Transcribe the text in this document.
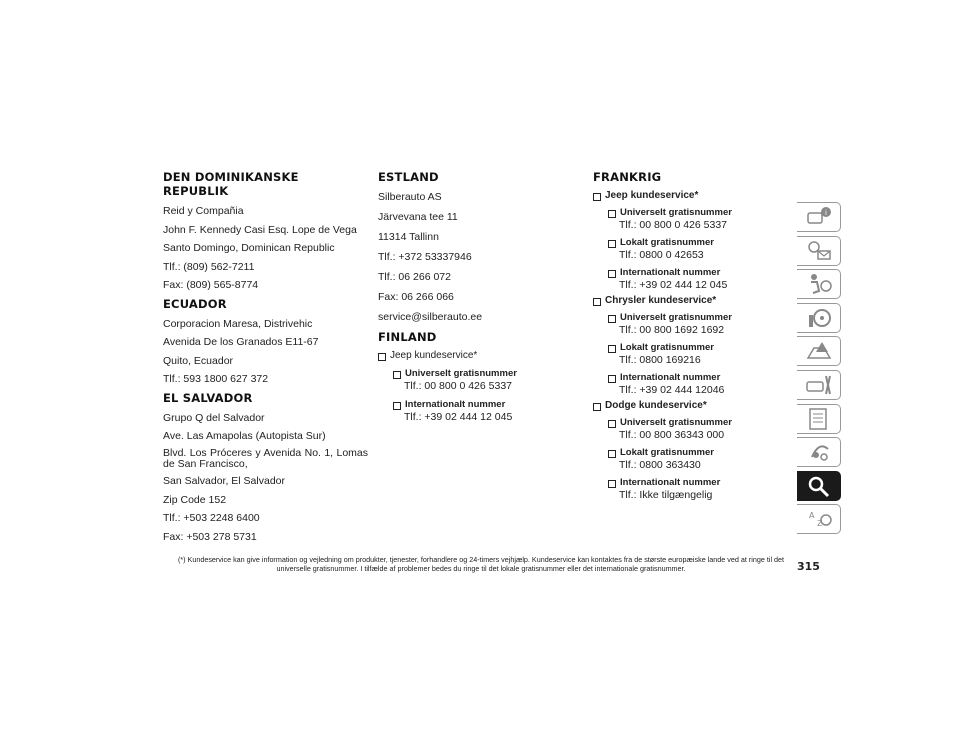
DEN DOMINIKANSKE REPUBLIK
Reid y Compañia
John F. Kennedy Casi Esq. Lope de Vega
Santo Domingo, Dominican Republic
Tlf.: (809) 562-7211
Fax: (809) 565-8774
ECUADOR
Corporacion Maresa, Distrivehic
Avenida De los Granados E11-67
Quito, Ecuador
Tlf.: 593 1800 627 372
EL SALVADOR
Grupo Q del Salvador
Ave. Las Amapolas (Autopista Sur)
Blvd. Los Próceres y Avenida No. 1, Lomas de San Francisco,
San Salvador, El Salvador
Zip Code 152
Tlf.: +503 2248 6400
Fax: +503 278 5731
ESTLAND
Silberauto AS
Järvevana tee 11
11314 Tallinn
Tlf.: +372 53337946
Tlf.: 06 266 072
Fax: 06 266 066
service@silberauto.ee
FINLAND
Jeep kundeservice*
Universelt gratisnummer
Tlf.: 00 800 0 426 5337
Internationalt nummer
Tlf.: +39 02 444 12 045
FRANKRIG
Jeep kundeservice*
Universelt gratisnummer
Tlf.: 00 800 0 426 5337
Lokalt gratisnummer
Tlf.: 0800 0 42653
Internationalt nummer
Tlf.: +39 02 444 12 045
Chrysler kundeservice*
Universelt gratisnummer
Tlf.: 00 800 1692 1692
Lokalt gratisnummer
Tlf.: 0800 169216
Internationalt nummer
Tlf.: +39 02 444 12046
Dodge kundeservice*
Universelt gratisnummer
Tlf.: 00 800 36343 000
Lokalt gratisnummer
Tlf.: 0800 363430
Internationalt nummer
Tlf.: Ikke tilgængelig
i
A
Z
(*) Kundeservice kan give information og vejledning om produkter, tjenester, forhandlere og 24-timers vejhjælp. Kundeservice kan kontaktes fra de største europæiske lande ved at ringe til det universelle gratisnummer. I tilfælde af problemer bedes du ringe til det lokale gratisnummer eller det internationale gratisnummer.	315
